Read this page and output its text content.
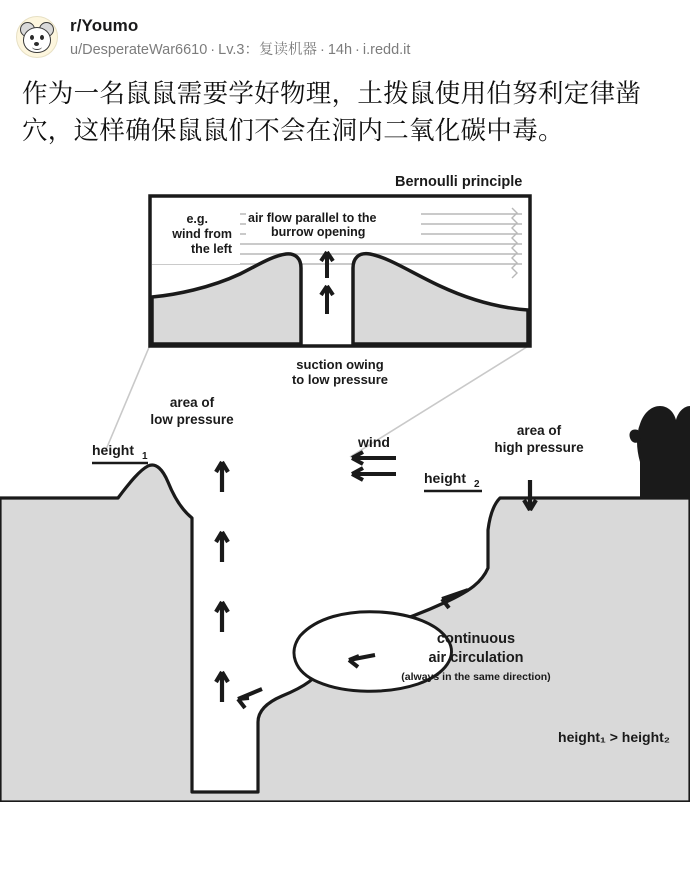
r/Youmo
u/DesperateWar6610 · Lv.3：复读机器 · 14h · i.redd.it
作为一名鼠鼠需要学好物理，土拨鼠使用伯努利定律凿穴，这样确保鼠鼠们不会在洞内二氧化碳中毒。
Bernoulli principle
air flow parallel to the
burrow opening
e.g.
wind from
the left
suction owing
to low pressure
wind
area of
low pressure
area of
high pressure
height 1
height 2
continuous
air circulation
(always in the same direction)
height₁ > height₂
